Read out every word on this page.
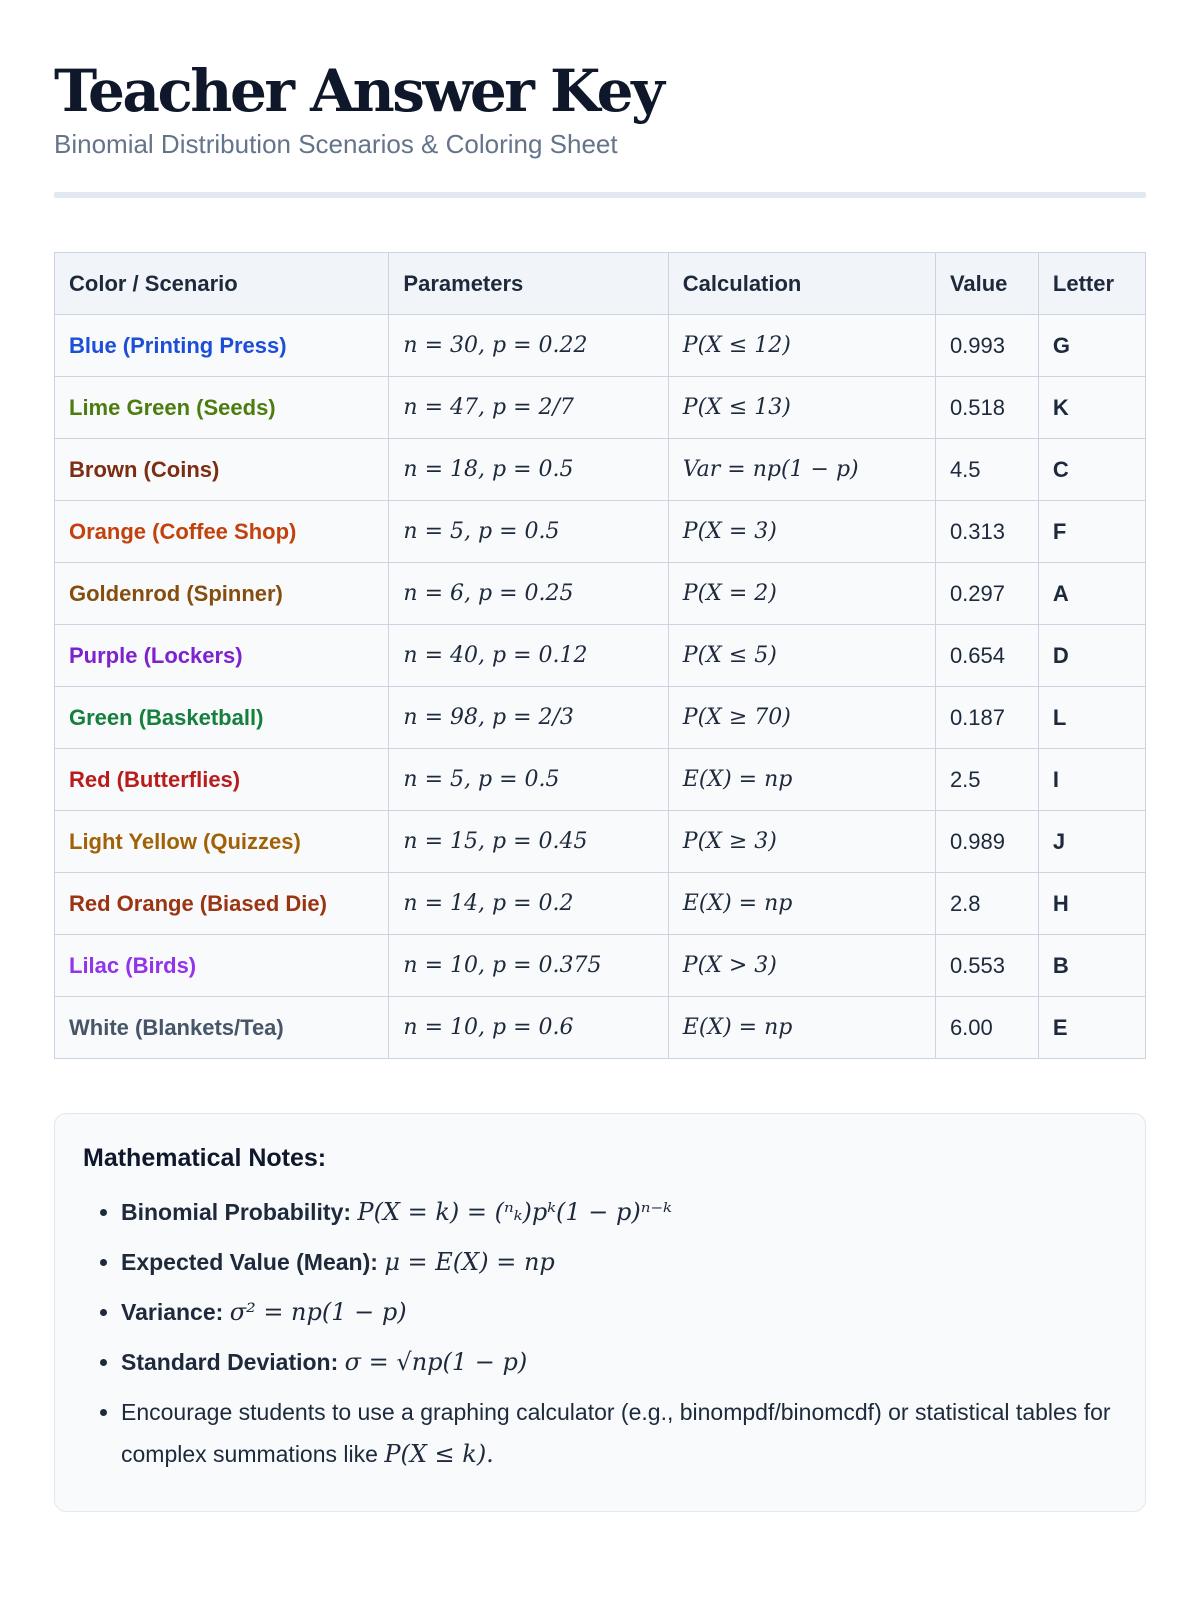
Teacher Answer Key
Binomial Distribution Scenarios & Coloring Sheet
Color / Scenario	Parameters	Calculation	Value	Letter
Blue (Printing Press)	n = 30, p = 0.22	P(X ≤ 12)	0.993	G
Lime Green (Seeds)	n = 47, p = 2/7	P(X ≤ 13)	0.518	K
Brown (Coins)	n = 18, p = 0.5	Var = np(1 − p)	4.5	C
Orange (Coffee Shop)	n = 5, p = 0.5	P(X = 3)	0.313	F
Goldenrod (Spinner)	n = 6, p = 0.25	P(X = 2)	0.297	A
Purple (Lockers)	n = 40, p = 0.12	P(X ≤ 5)	0.654	D
Green (Basketball)	n = 98, p = 2/3	P(X ≥ 70)	0.187	L
Red (Butterflies)	n = 5, p = 0.5	E(X) = np	2.5	I
Light Yellow (Quizzes)	n = 15, p = 0.45	P(X ≥ 3)	0.989	J
Red Orange (Biased Die)	n = 14, p = 0.2	E(X) = np	2.8	H
Lilac (Birds)	n = 10, p = 0.375	P(X > 3)	0.553	B
White (Blankets/Tea)	n = 10, p = 0.6	E(X) = np	6.00	E
Mathematical Notes:
• Binomial Probability: P(X = k) = (ⁿₖ)pᵏ(1 − p)ⁿ⁻ᵏ
• Expected Value (Mean): μ = E(X) = np
• Variance: σ² = np(1 − p)
• Standard Deviation: σ = √np(1 − p)
• Encourage students to use a graphing calculator (e.g., binompdf/binomcdf) or statistical tables for complex summations like P(X ≤ k).
